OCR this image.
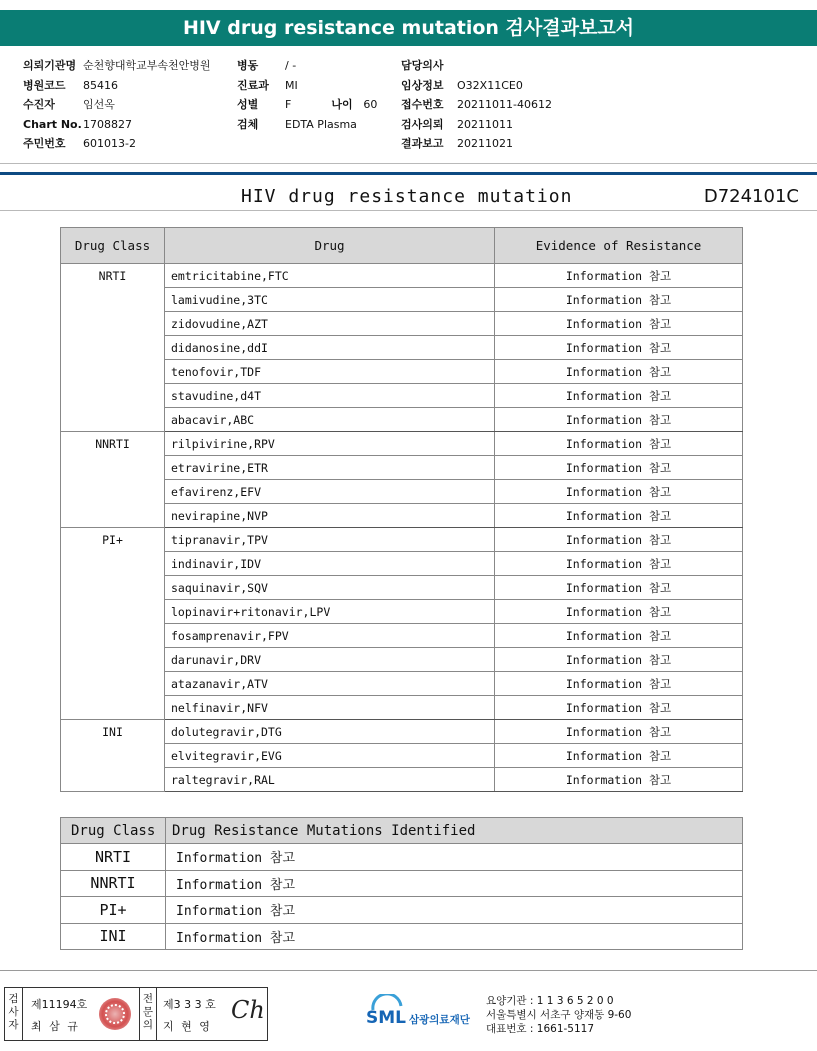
HIV drug resistance mutation 검사결과보고서
의뢰기관명 순천향대학교부속천안병원
병원코드 85416
수진자	임선옥
Chart No.1708827
주민번호 601013-2
병동 / -
진료과 MI
성별 F	나이 60
검체 EDTA Plasma
담당의사
임상정보 O32X11CE0
접수번호 20211011-40612
검사의뢰 20211011
결과보고 20211021
HIV drug resistance mutation	D724101C
Drug Class	Drug	Evidence of Resistance
NRTI	emtricitabine,FTC	Information 참고
	lamivudine,3TC	Information 참고
	zidovudine,AZT	Information 참고
	didanosine,ddI	Information 참고
	tenofovir,TDF	Information 참고
	stavudine,d4T	Information 참고
	abacavir,ABC	Information 참고
NNRTI	rilpivirine,RPV	Information 참고
	etravirine,ETR	Information 참고
	efavirenz,EFV	Information 참고
	nevirapine,NVP	Information 참고
PI+	tipranavir,TPV	Information 참고
	indinavir,IDV	Information 참고
	saquinavir,SQV	Information 참고
	lopinavir+ritonavir,LPV	Information 참고
	fosamprenavir,FPV	Information 참고
	darunavir,DRV	Information 참고
	atazanavir,ATV	Information 참고
	nelfinavir,NFV	Information 참고
INI	dolutegravir,DTG	Information 참고
	elvitegravir,EVG	Information 참고
	raltegravir,RAL	Information 참고
Drug Class	Drug Resistance Mutations Identified
NRTI	Information 참고
NNRTI	Information 참고
PI+	Information 참고
INI	Information 참고
검사자
제11194호
최 삼 규
전문의
제3 3 3 호
지 현 영
Ch	SML 삼광의료재단
요양기관 : 1 1 3 6 5 2 0 0
서울특별시 서초구 양재동 9-60
대표번호 : 1661-5117
